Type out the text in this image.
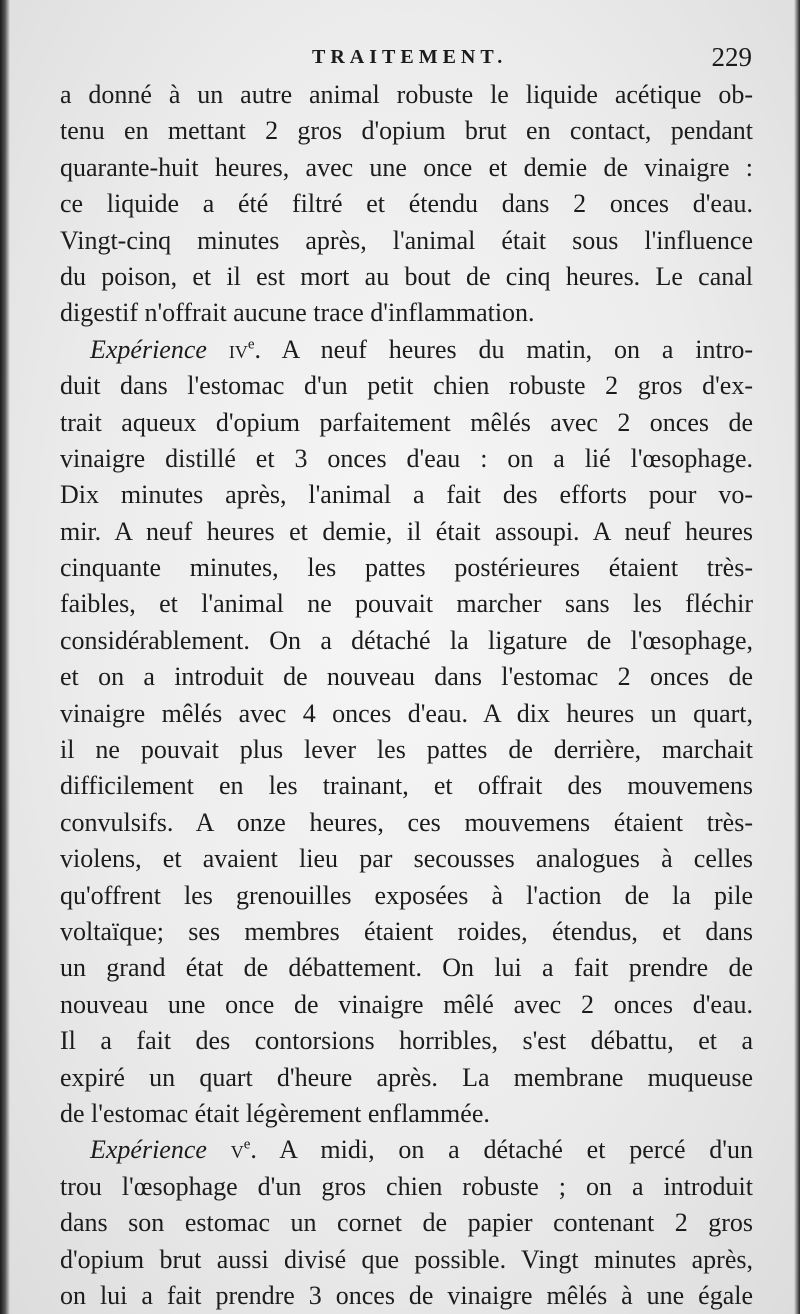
TRAITEMENT.	229
a donné à un autre animal robuste le liquide acétique ob-
tenu en mettant 2 gros d'opium brut en contact, pendant
quarante-huit heures, avec une once et demie de vinaigre :
ce liquide a été filtré et étendu dans 2 onces d'eau.
Vingt-cinq minutes après, l'animal était sous l'influence
du poison, et il est mort au bout de cinq heures. Le canal
digestif n'offrait aucune trace d'inflammation.
Expérience $iv^e$. A neuf heures du matin, on a intro-
duit dans l'estomac d'un petit chien robuste 2 gros d'ex-
trait aqueux d'opium parfaitement mêlés avec 2 onces de
vinaigre distillé et 3 onces d'eau : on a lié l'œsophage.
Dix minutes après, l'animal a fait des efforts pour vo-
mir. A neuf heures et demie, il était assoupi. A neuf heures
cinquante minutes, les pattes postérieures étaient très-
faibles, et l'animal ne pouvait marcher sans les fléchir
considérablement. On a détaché la ligature de l'œsophage,
et on a introduit de nouveau dans l'estomac 2 onces de
vinaigre mêlés avec 4 onces d'eau. A dix heures un quart,
il ne pouvait plus lever les pattes de derrière, marchait
difficilement en les trainant, et offrait des mouvemens
convulsifs. A onze heures, ces mouvemens étaient très-
violens, et avaient lieu par secousses analogues à celles
qu'offrent les grenouilles exposées à l'action de la pile
voltaïque; ses membres étaient roides, étendus, et dans
un grand état de débattement. On lui a fait prendre de
nouveau une once de vinaigre mêlé avec 2 onces d'eau.
Il a fait des contorsions horribles, s'est débattu, et a
expiré un quart d'heure après. La membrane muqueuse
de l'estomac était légèrement enflammée.
Expérience $v^e$. A midi, on a détaché et percé d'un
trou l'œsophage d'un gros chien robuste ; on a introduit
dans son estomac un cornet de papier contenant 2 gros
d'opium brut aussi divisé que possible. Vingt minutes après,
on lui a fait prendre 3 onces de vinaigre mêlés à une égale
